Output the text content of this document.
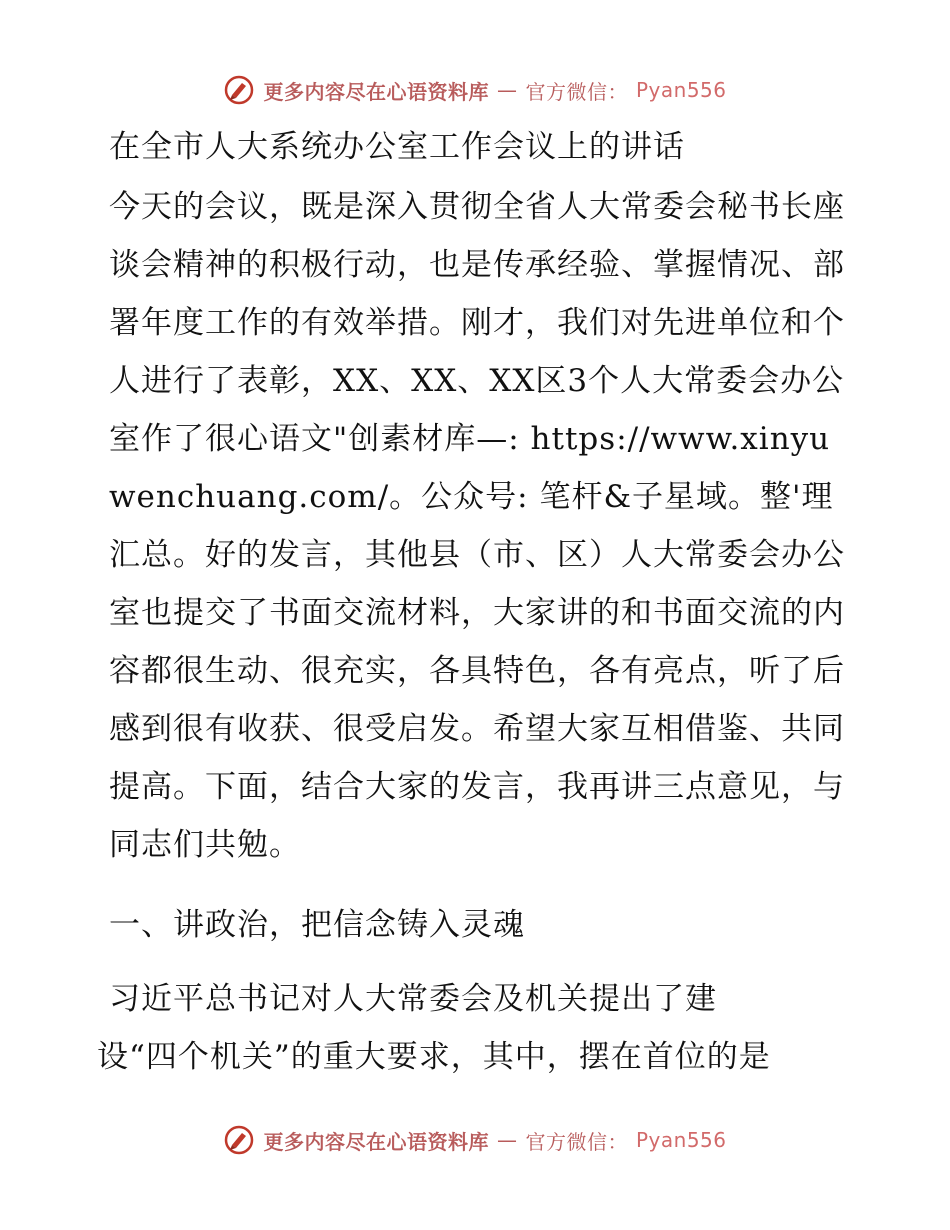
更多内容尽在心语资料库 — 官方微信： Pyan556
在全市人大系统办公室工作会议上的讲话

今天的会议，既是深入贯彻全省人大常委会秘书长座谈会精神的积极行动，也是传承经验、掌握情况、部署年度工作的有效举措。刚才，我们对先进单位和个人进行了表彰，XX、XX、XX区3个人大常委会办公室作了很心语文"创素材库—: https://www.xinyuwenchuang.com/。公众号: 笔杆&子星域。整'理汇总。好的发言，其他县（市、区）人大常委会办公室也提交了书面交流材料，大家讲的和书面交流的内容都很生动、很充实，各具特色，各有亮点，听了后感到很有收获、很受启发。希望大家互相借鉴、共同提高。下面，结合大家的发言，我再讲三点意见，与同志们共勉。

一、讲政治，把信念铸入灵魂
习近平总书记对人大常委会及机关提出了建
设“四个机关”的重大要求，其中，摆在首位的是
更多内容尽在心语资料库 — 官方微信： Pyan556
